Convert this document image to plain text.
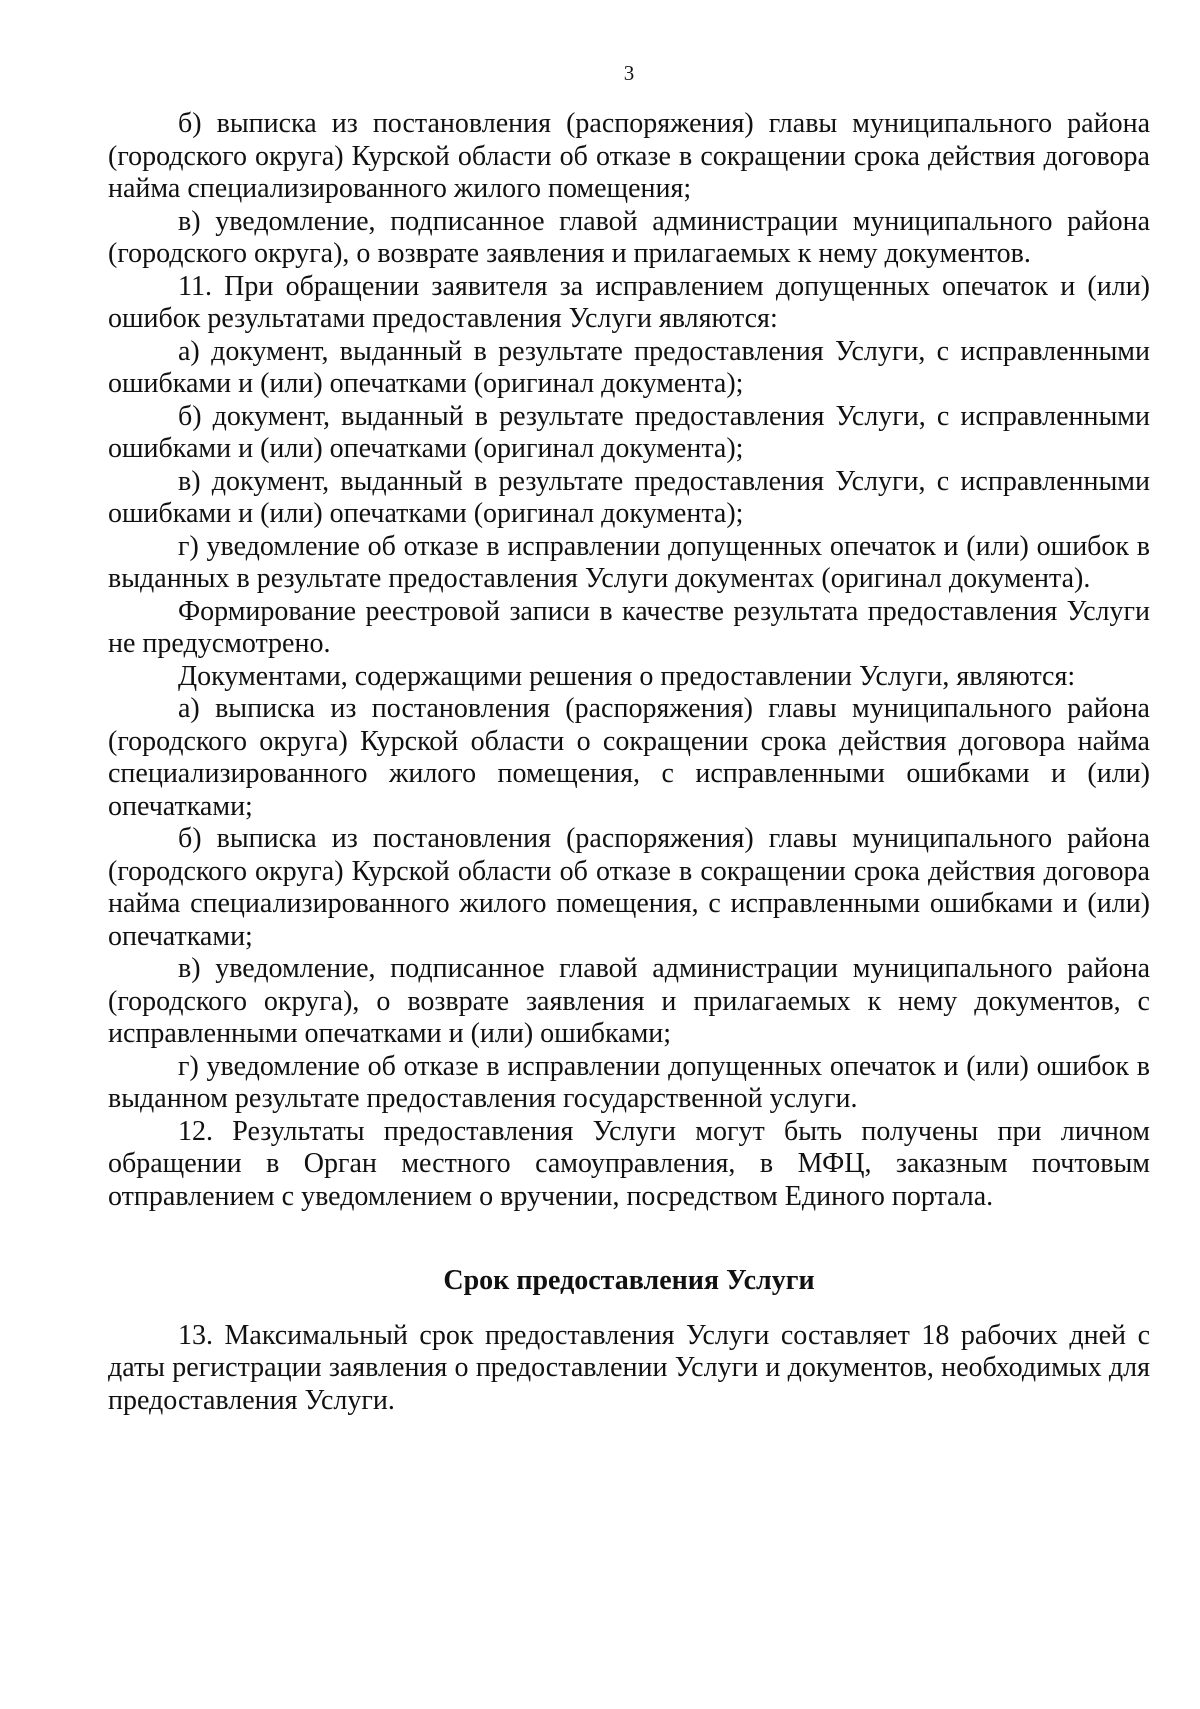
3

б) выписка из постановления (распоряжения) главы муниципального района (городского округа) Курской области об отказе в сокращении срока действия договора найма специализированного жилого помещения;

в) уведомление, подписанное главой администрации муниципального района (городского округа), о возврате заявления и прилагаемых к нему документов.

11. При обращении заявителя за исправлением допущенных опечаток и (или) ошибок результатами предоставления Услуги являются:

а) документ, выданный в результате предоставления Услуги, с исправленными ошибками и (или) опечатками (оригинал документа);

б) документ, выданный в результате предоставления Услуги, с исправленными ошибками и (или) опечатками (оригинал документа);

в) документ, выданный в результате предоставления Услуги, с исправленными ошибками и (или) опечатками (оригинал документа);

г) уведомление об отказе в исправлении допущенных опечаток и (или) ошибок в выданных в результате предоставления Услуги документах (оригинал документа).

Формирование реестровой записи в качестве результата предоставления Услуги не предусмотрено.

Документами, содержащими решения о предоставлении Услуги, являются:

а) выписка из постановления (распоряжения) главы муниципального района (городского округа) Курской области о сокращении срока действия договора найма специализированного жилого помещения, с исправленными ошибками и (или) опечатками;

б) выписка из постановления (распоряжения) главы муниципального района (городского округа) Курской области об отказе в сокращении срока действия договора найма специализированного жилого помещения, с исправленными ошибками и (или) опечатками;

в) уведомление, подписанное главой администрации муниципального района (городского округа), о возврате заявления и прилагаемых к нему документов, с исправленными опечатками и (или) ошибками;

г) уведомление об отказе в исправлении допущенных опечаток и (или) ошибок в выданном результате предоставления государственной услуги.

12. Результаты предоставления Услуги могут быть получены при личном обращении в Орган местного самоуправления, в МФЦ, заказным почтовым отправлением с уведомлением о вручении, посредством Единого портала.

Срок предоставления Услуги

13. Максимальный срок предоставления Услуги составляет 18 рабочих дней с даты регистрации заявления о предоставлении Услуги и документов, необходимых для предоставления Услуги.
